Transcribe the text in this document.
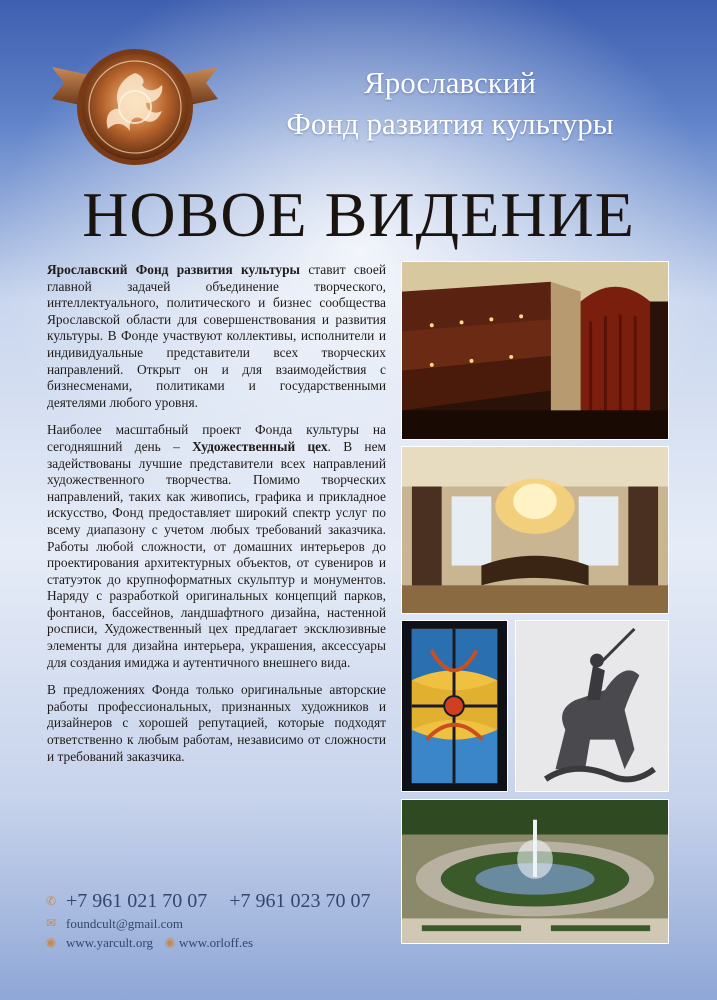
Ярославский
Фонд развития культуры
НОВОЕ ВИДЕНИЕ

Ярославский Фонд развития культуры ставит своей главной задачей объединение творческого, интеллектуального, политического и бизнес сообщества Ярославской области для совершенствования и развития культуры. В Фонде участвуют коллективы, исполнители и индивидуальные представители всех творческих направлений. Открыт он и для взаимодействия с бизнесменами, политиками и государственными деятелями любого уровня.

Наиболее масштабный проект Фонда культуры на сегодняшний день – Художественный цех. В нем задействованы лучшие представители всех направлений художественного творчества. Помимо творческих направлений, таких как живопись, графика и прикладное искусство, Фонд предоставляет широкий спектр услуг по всему диапазону с учетом любых требований заказчика. Работы любой сложности, от домашних интерьеров до проектирования архитектурных объектов, от сувениров и статуэток до крупноформатных скульптур и монументов. Наряду с разработкой оригинальных концепций парков, фонтанов, бассейнов, ландшафтного дизайна, настенной росписи, Художественный цех предлагает эксклюзивные элементы для дизайна интерьера, украшения, аксессуары для создания имиджа и аутентичного внешнего вида.

В предложениях Фонда только оригинальные авторские работы профессиональных, признанных художников и дизайнеров с хорошей репутацией, которые подходят ответственно к любым работам, независимо от сложности и требований заказчика.

✆ +7 961 021 70 07 +7 961 023 70 07
✉ foundcult@gmail.com
◉ www.yarcult.org ◉ www.orloff.es
